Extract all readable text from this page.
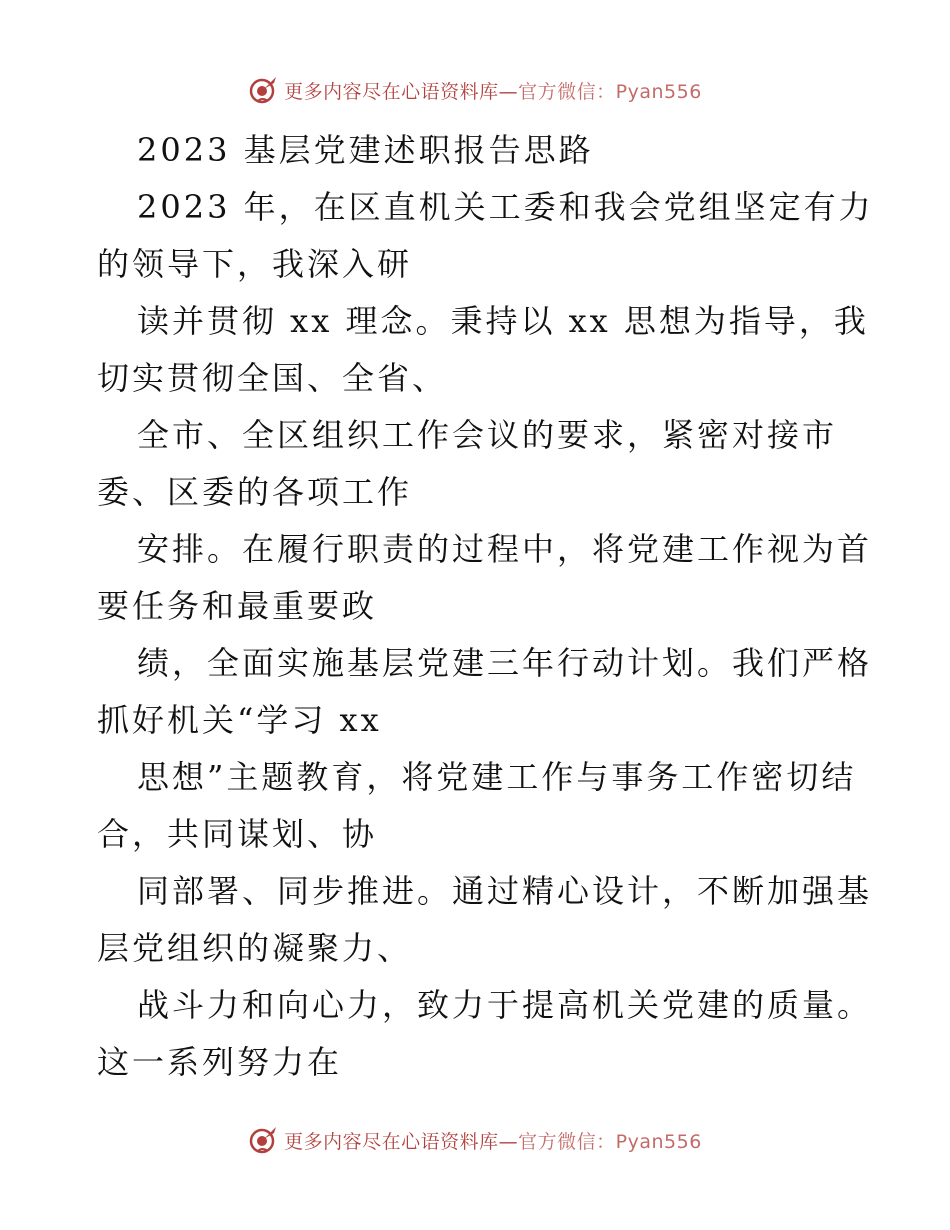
更多内容尽在心语资料库—官方微信：Pyan556
2023 基层党建述职报告思路
2023 年，在区直机关工委和我会党组坚定有力
的领导下，我深入研
读并贯彻 xx 理念。秉持以 xx 思想为指导，我
切实贯彻全国、全省、
全市、全区组织工作会议的要求，紧密对接市
委、区委的各项工作
安排。在履行职责的过程中，将党建工作视为首
要任务和最重要政
绩，全面实施基层党建三年行动计划。我们严格
抓好机关“学习 xx
思想”主题教育，将党建工作与事务工作密切结
合，共同谋划、协
同部署、同步推进。通过精心设计，不断加强基
层党组织的凝聚力、
战斗力和向心力，致力于提高机关党建的质量。
这一系列努力在
更多内容尽在心语资料库—官方微信：Pyan556
